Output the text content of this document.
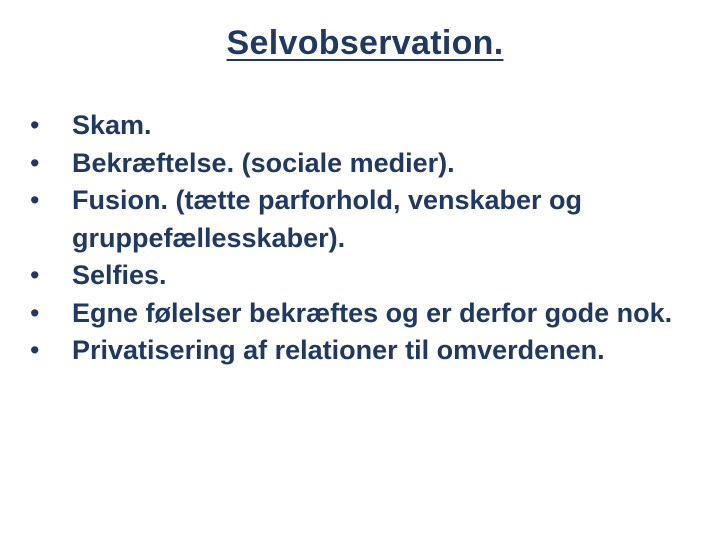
Selvobservation.
•	Skam.
•	Bekræftelse. (sociale medier).
•	Fusion. (tætte parforhold, venskaber og gruppefællesskaber).
•	Selfies.
•	Egne følelser bekræftes og er derfor gode nok.
•	Privatisering af relationer til omverdenen.
